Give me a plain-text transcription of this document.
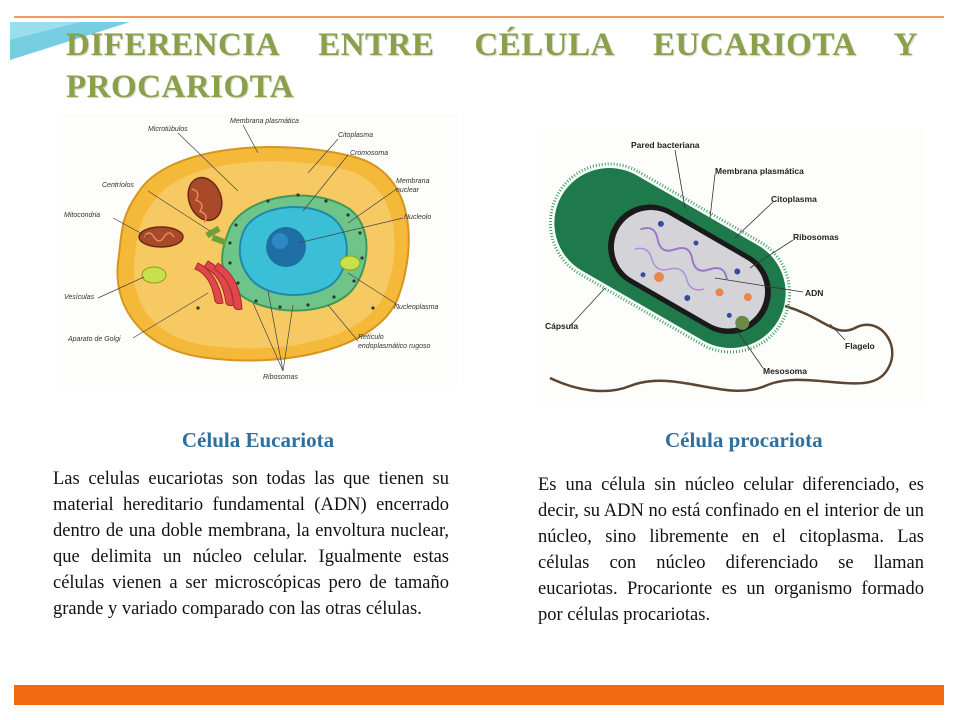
DIFERENCIA ENTRE CÉLULA EUCARIOTA Y PROCARIOTA
Microtúbulos
Membrana plasmática
Citoplasma
Cromosoma
Membrana
nuclear
Nucleolo
Centríolos
Mitocondria
Vesículas
Aparato de Golgi
Nucleoplasma
Retículo
endoplasmático rugoso
Ribosomas
Pared bacteriana
Membrana plasmática
Citoplasma
Ribosomas
ADN
Cápsula
Flagelo
Mesosoma
Célula Eucariota	Célula procariota
Las celulas eucariotas son todas las que tienen su material hereditario fundamental (ADN) encerrado dentro de una doble membrana, la envoltura nuclear, que delimita un núcleo celular. Igualmente estas células vienen a ser microscópicas pero de tamaño grande y variado comparado con las otras células.
Es una célula sin núcleo celular diferenciado, es decir, su ADN no está confinado en el interior de un núcleo, sino libremente en el citoplasma. Las células con núcleo diferenciado se llaman eucariotas. Procarionte es un organismo formado por células procariotas.
